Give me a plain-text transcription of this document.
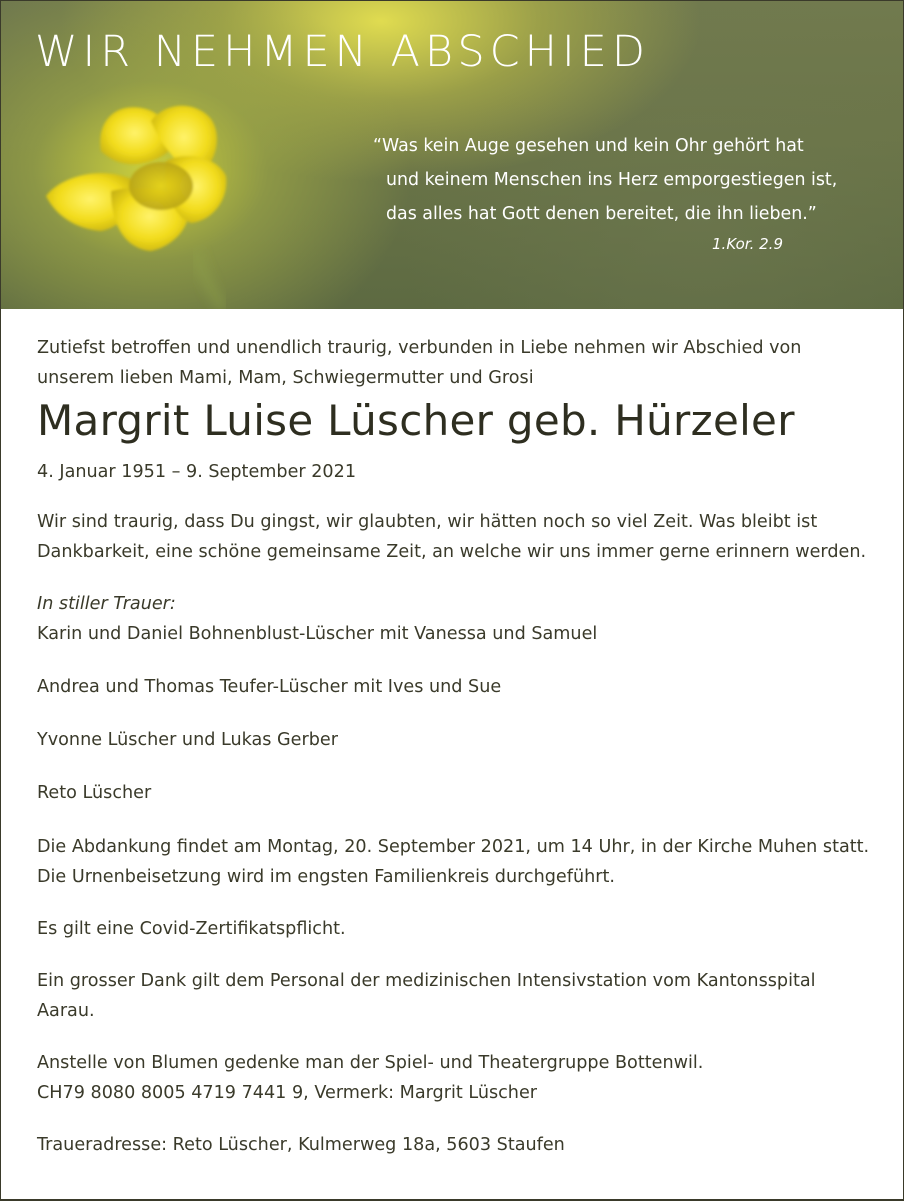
WIR NEHMEN ABSCHIED
“Was kein Auge gesehen und kein Ohr gehört hat
und keinem Menschen ins Herz emporgestiegen ist,
das alles hat Gott denen bereitet, die ihn lieben.”
1.Kor. 2.9

Zutiefst betroffen und unendlich traurig, verbunden in Liebe nehmen wir Abschied von unserem lieben Mami, Mam, Schwiegermutter und Grosi

Margrit Luise Lüscher geb. Hürzeler

4. Januar 1951 – 9. September 2021

Wir sind traurig, dass Du gingst, wir glaubten, wir hätten noch so viel Zeit. Was bleibt ist Dankbarkeit, eine schöne gemeinsame Zeit, an welche wir uns immer gerne erinnern werden.

In stiller Trauer:

Karin und Daniel Bohnenblust-Lüscher mit Vanessa und Samuel

Andrea und Thomas Teufer-Lüscher mit Ives und Sue

Yvonne Lüscher und Lukas Gerber

Reto Lüscher

Die Abdankung findet am Montag, 20. September 2021, um 14 Uhr, in der Kirche Muhen statt. Die Urnenbeisetzung wird im engsten Familienkreis durchgeführt.

Es gilt eine Covid-Zertifikatspflicht.

Ein grosser Dank gilt dem Personal der medizinischen Intensivstation vom Kantonsspital Aarau.

Anstelle von Blumen gedenke man der Spiel- und Theatergruppe Bottenwil.

CH79 8080 8005 4719 7441 9, Vermerk: Margrit Lüscher

Traueradresse: Reto Lüscher, Kulmerweg 18a, 5603 Staufen
